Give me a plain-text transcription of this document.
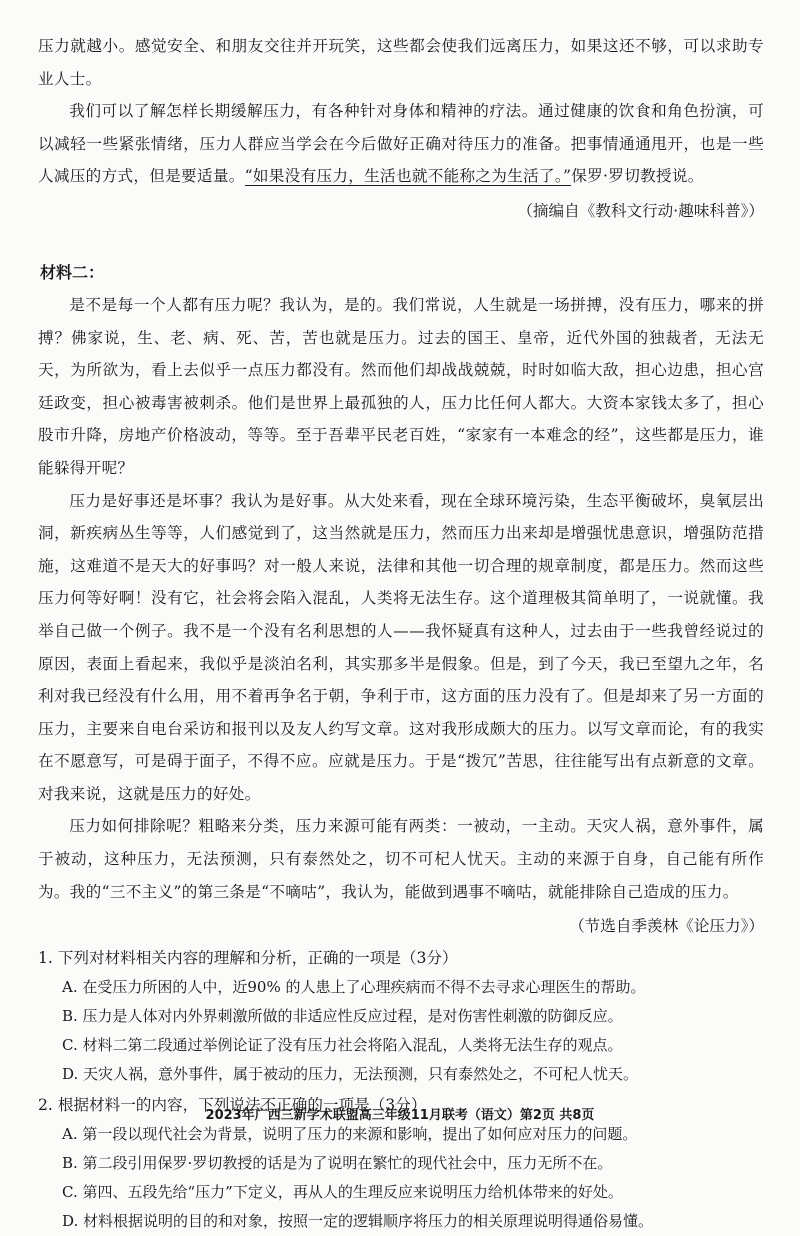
压力就越小。感觉安全、和朋友交往并开玩笑，这些都会使我们远离压力，如果这还不够，可以求助专业人士。

我们可以了解怎样长期缓解压力，有各种针对身体和精神的疗法。通过健康的饮食和角色扮演，可以减轻一些紧张情绪，压力人群应当学会在今后做好正确对待压力的准备。把事情通通甩开，也是一些人减压的方式，但是要适量。“如果没有压力，生活也就不能称之为生活了。”保罗·罗切教授说。

（摘编自《教科文行动·趣味科普》）
材料二：

是不是每一个人都有压力呢？我认为，是的。我们常说，人生就是一场拼搏，没有压力，哪来的拼搏？佛家说，生、老、病、死、苦，苦也就是压力。过去的国王、皇帝，近代外国的独裁者，无法无天，为所欲为，看上去似乎一点压力都没有。然而他们却战战兢兢，时时如临大敌，担心边患，担心宫廷政变，担心被毒害被刺杀。他们是世界上最孤独的人，压力比任何人都大。大资本家钱太多了，担心股市升降，房地产价格波动，等等。至于吾辈平民老百姓，“家家有一本难念的经”，这些都是压力，谁能躲得开呢？

压力是好事还是坏事？我认为是好事。从大处来看，现在全球环境污染，生态平衡破坏，臭氧层出洞，新疾病丛生等等，人们感觉到了，这当然就是压力，然而压力出来却是增强忧患意识，增强防范措施，这难道不是天大的好事吗？对一般人来说，法律和其他一切合理的规章制度，都是压力。然而这些压力何等好啊！没有它，社会将会陷入混乱，人类将无法生存。这个道理极其简单明了，一说就懂。我举自己做一个例子。我不是一个没有名利思想的人——我怀疑真有这种人，过去由于一些我曾经说过的原因，表面上看起来，我似乎是淡泊名利，其实那多半是假象。但是，到了今天，我已至望九之年，名利对我已经没有什么用，用不着再争名于朝，争利于市，这方面的压力没有了。但是却来了另一方面的压力，主要来自电台采访和报刊以及友人约写文章。这对我形成颇大的压力。以写文章而论，有的我实在不愿意写，可是碍于面子，不得不应。应就是压力。于是“拨冗”苦思，往往能写出有点新意的文章。对我来说，这就是压力的好处。

压力如何排除呢？粗略来分类，压力来源可能有两类：一被动，一主动。天灾人祸，意外事件，属于被动，这种压力，无法预测，只有泰然处之，切不可杞人忧天。主动的来源于自身，自己能有所作为。我的“三不主义”的第三条是“不嘀咕”，我认为，能做到遇事不嘀咕，就能排除自己造成的压力。

（节选自季羡林《论压力》）
1. 下列对材料相关内容的理解和分析，正确的一项是（3分）
A. 在受压力所困的人中，近90% 的人患上了心理疾病而不得不去寻求心理医生的帮助。
B. 压力是人体对内外界刺激所做的非适应性反应过程，是对伤害性刺激的防御反应。
C. 材料二第二段通过举例论证了没有压力社会将陷入混乱，人类将无法生存的观点。
D. 天灾人祸，意外事件，属于被动的压力，无法预测，只有泰然处之，不可杞人忧天。
2. 根据材料一的内容，下列说法不正确的一项是（3分）
A. 第一段以现代社会为背景，说明了压力的来源和影响，提出了如何应对压力的问题。
B. 第二段引用保罗·罗切教授的话是为了说明在繁忙的现代社会中，压力无所不在。
C. 第四、五段先给“压力”下定义，再从人的生理反应来说明压力给机体带来的好处。
D. 材料根据说明的目的和对象，按照一定的逻辑顺序将压力的相关原理说明得通俗易懂。
2023年广西三新学术联盟高三年级11月联考（语文）第2页 共8页
